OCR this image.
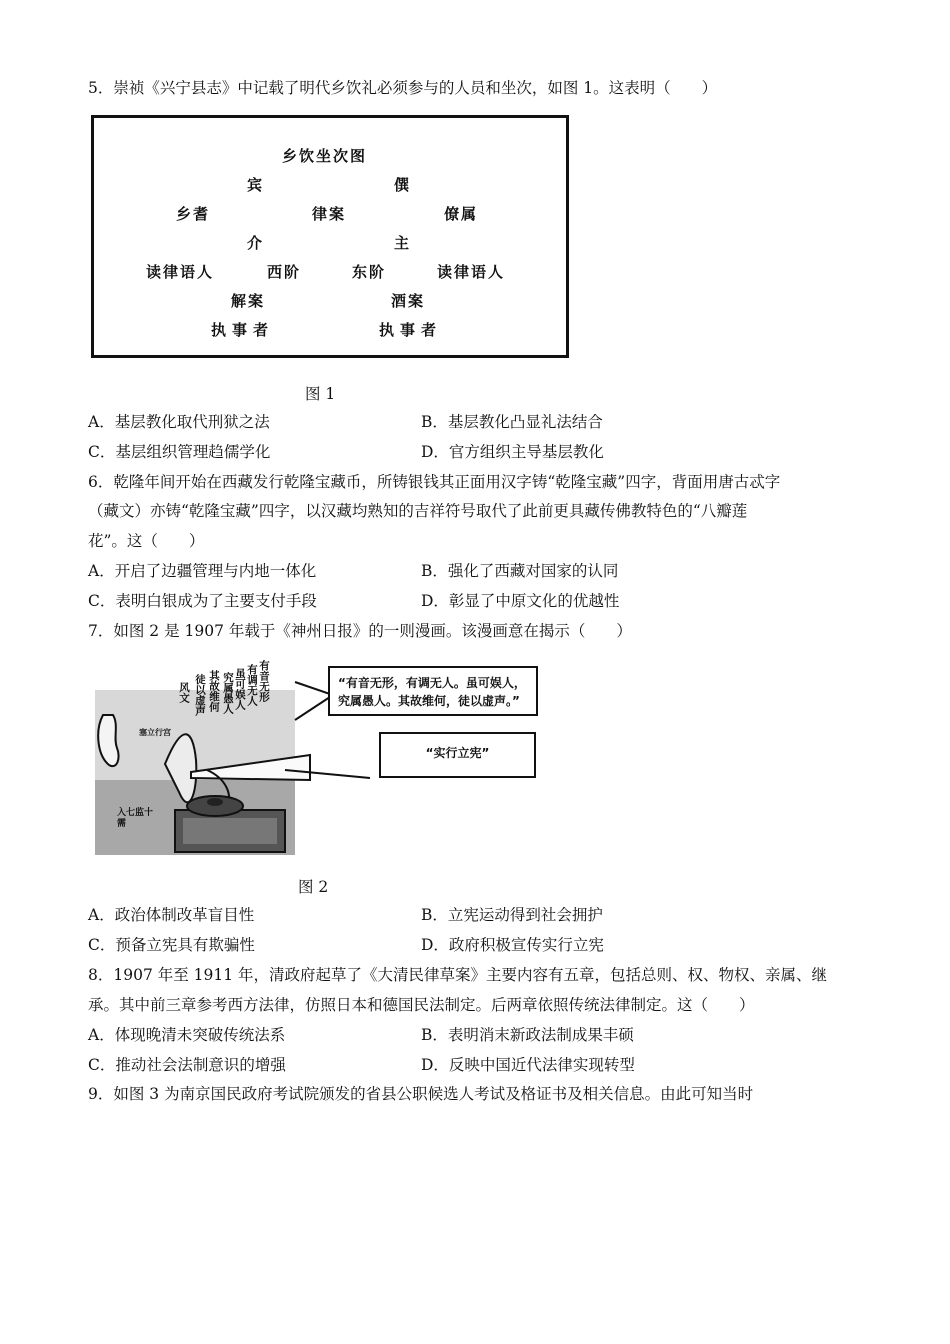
5．崇祯《兴宁县志》中记载了明代乡饮礼必须参与的人员和坐次，如图 1。这表明（　　）
乡饮坐次图
宾	僎
乡耆	律案	僚属
介	主
读律语人	西阶	东阶	读律语人
解案	酒案
执事者	执事者
图 1
A．基层教化取代刑狱之法	B．基层教化凸显礼法结合
C．基层组织管理趋儒学化	D．官方组织主导基层教化
6．乾隆年间开始在西藏发行乾隆宝藏币，所铸银钱其正面用汉字铸“乾隆宝藏”四字，背面用唐古忒字
（藏文）亦铸“乾隆宝藏”四字，以汉藏均熟知的吉祥符号取代了此前更具藏传佛教特色的“八瓣莲
花”。这（　　）
A．开启了边疆管理与内地一体化	B．强化了西藏对国家的认同
C．表明白银成为了主要支付手段	D．彰显了中原文化的优越性
7．如图 2 是 1907 年载于《神州日报》的一则漫画。该漫画意在揭示（　　）
有音无形
有调无人
虽可娱人
究属愚人
其故维何
徒以虚声
风文
塞立行宫
入七监十需
“有音无形，有调无人。虽可娱人，究属愚人。其故维何，徒以虚声。”
“实行立宪”
图 2
A．政治体制改革盲目性	B．立宪运动得到社会拥护
C．预备立宪具有欺骗性	D．政府积极宣传实行立宪
8．1907 年至 1911 年，清政府起草了《大清民律草案》主要内容有五章，包括总则、权、物权、亲属、继
承。其中前三章参考西方法律，仿照日本和德国民法制定。后两章依照传统法律制定。这（　　）
A．体现晚清未突破传统法系	B．表明消末新政法制成果丰硕
C．推动社会法制意识的增强	D．反映中国近代法律实现转型
9．如图 3 为南京国民政府考试院颁发的省县公职候选人考试及格证书及相关信息。由此可知当时
